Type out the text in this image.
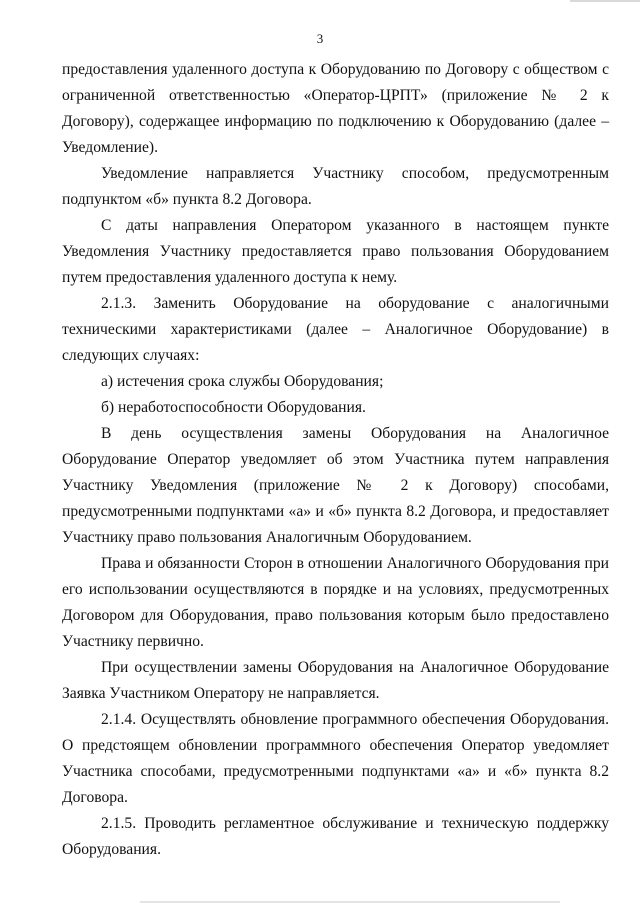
3

предоставления удаленного доступа к Оборудованию по Договору с обществом с ограниченной ответственностью «Оператор-ЦРПТ» (приложение № 2 к Договору), содержащее информацию по подключению к Оборудованию (далее – Уведомление).

Уведомление направляется Участнику способом, предусмотренным подпунктом «б» пункта 8.2 Договора.

С даты направления Оператором указанного в настоящем пункте Уведомления Участнику предоставляется право пользования Оборудованием путем предоставления удаленного доступа к нему.

2.1.3. Заменить Оборудование на оборудование с аналогичными техническими характеристиками (далее – Аналогичное Оборудование) в следующих случаях:

а) истечения срока службы Оборудования;

б) неработоспособности Оборудования.

В день осуществления замены Оборудования на Аналогичное Оборудование Оператор уведомляет об этом Участника путем направления Участнику Уведомления (приложение № 2 к Договору) способами, предусмотренными подпунктами «а» и «б» пункта 8.2 Договора, и предоставляет Участнику право пользования Аналогичным Оборудованием.

Права и обязанности Сторон в отношении Аналогичного Оборудования при его использовании осуществляются в порядке и на условиях, предусмотренных Договором для Оборудования, право пользования которым было предоставлено Участнику первично.

При осуществлении замены Оборудования на Аналогичное Оборудование Заявка Участником Оператору не направляется.

2.1.4. Осуществлять обновление программного обеспечения Оборудования. О предстоящем обновлении программного обеспечения Оператор уведомляет Участника способами, предусмотренными подпунктами «а» и «б» пункта 8.2 Договора.

2.1.5. Проводить регламентное обслуживание и техническую поддержку Оборудования.
